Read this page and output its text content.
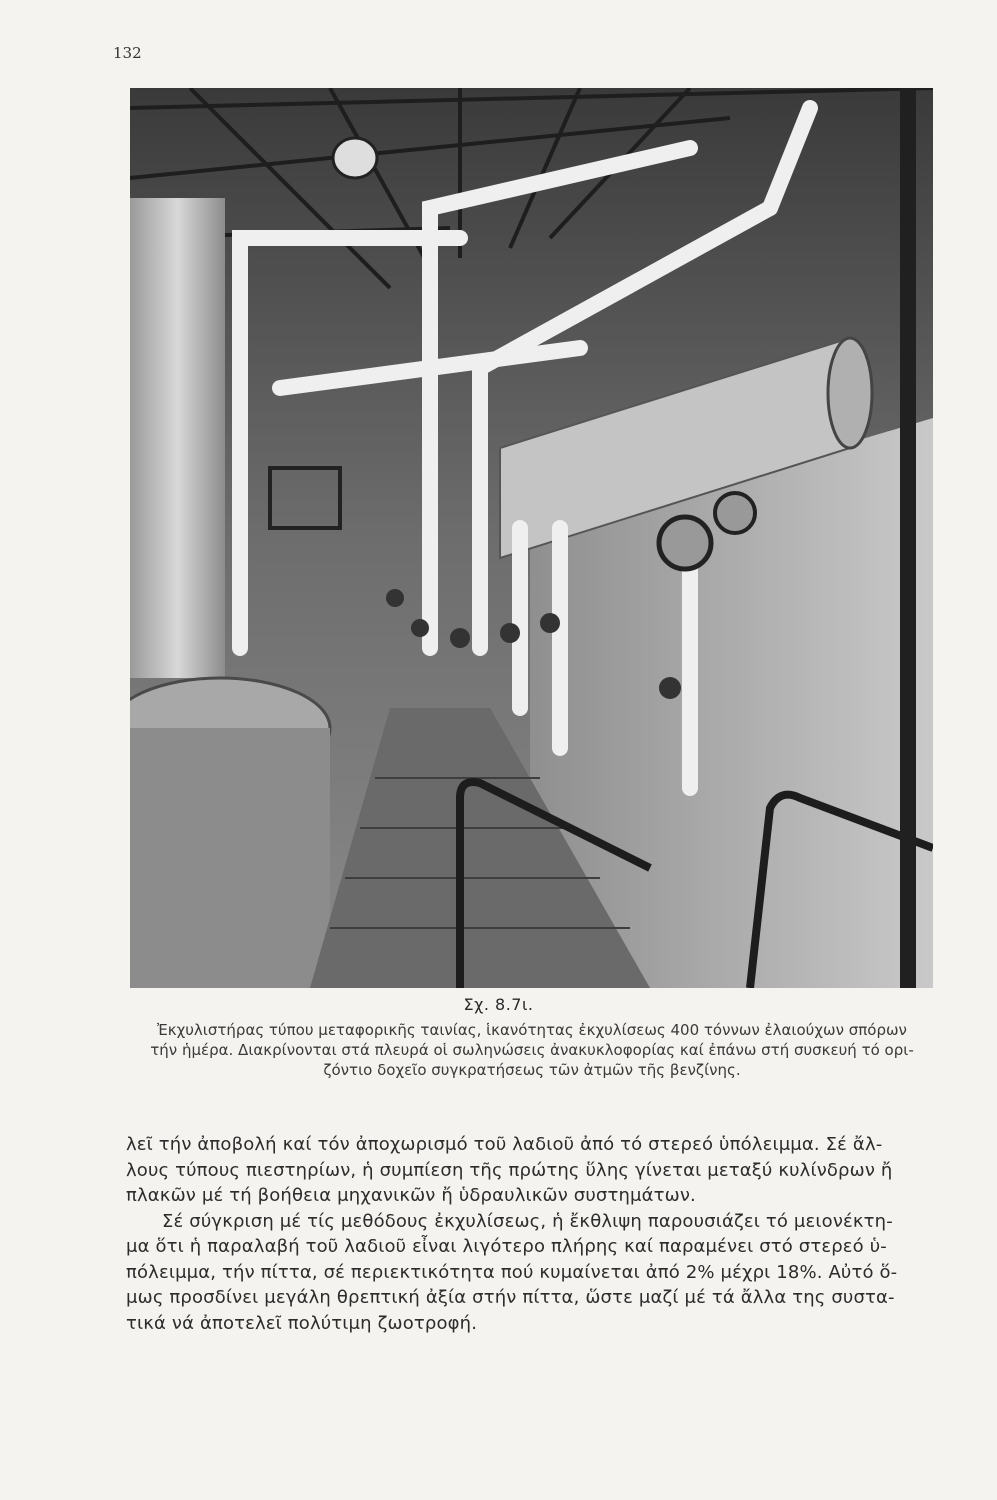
132
Σχ. 8.7ι.

Ἐκχυλιστήρας τύπου μεταφορικῆς ταινίας, ἱκανότητας ἐκχυλίσεως 400 τόννων ἐλαιούχων σπόρων

τήν ἡμέρα. Διακρίνονται στά πλευρά οἱ σωληνώσεις ἀνακυκλοφορίας καί ἐπάνω στή συσκευή τό ορι-

ζόντιο δοχεῖο συγκρατήσεως τῶν ἀτμῶν τῆς βενζίνης.

λεῖ τήν ἀποβολή καί τόν ἀποχωρισμό τοῦ λαδιοῦ ἀπό τό στερεό ὑπόλειμμα. Σέ ἄλ-
λους τύπους πιεστηρίων, ἡ συμπίεση τῆς πρώτης ὕλης γίνεται μεταξύ κυλίνδρων ἤ
πλακῶν μέ τή βοήθεια μηχανικῶν ἤ ὑδραυλικῶν συστημάτων.
Σέ σύγκριση μέ τίς μεθόδους ἐκχυλίσεως, ἡ ἔκθλιψη παρουσιάζει τό μειονέκτη-
μα ὅτι ἡ παραλαβή τοῦ λαδιοῦ εἶναι λιγότερο πλήρης καί παραμένει στό στερεό ὑ-
πόλειμμα, τήν πίττα, σέ περιεκτικότητα πού κυμαίνεται ἀπό 2% μέχρι 18%. Αὐτό ὅ-
μως προσδίνει μεγάλη θρεπτική ἀξία στήν πίττα, ὥστε μαζί μέ τά ἄλλα της συστα-
τικά νά ἀποτελεῖ πολύτιμη ζωοτροφή.
